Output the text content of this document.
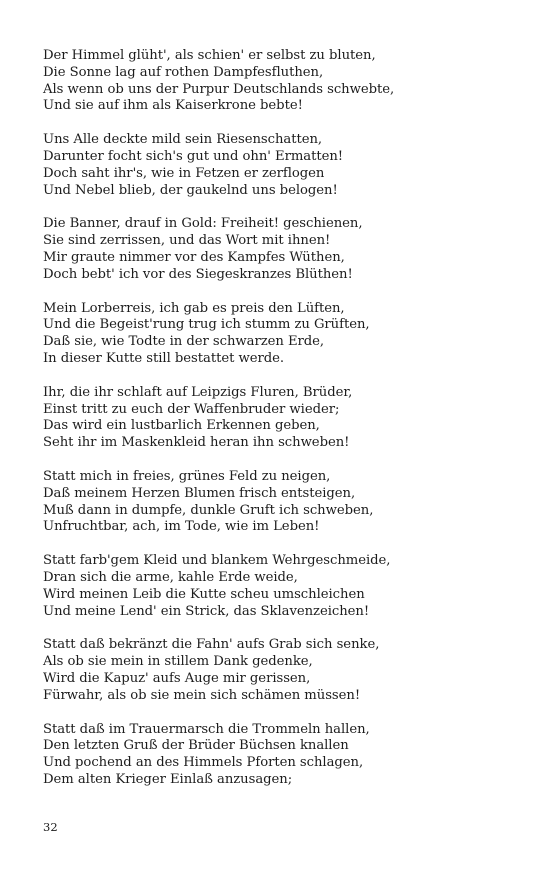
Der Himmel glüht', als schien' er selbst zu bluten,
Die Sonne lag auf rothen Dampfesfluthen,
Als wenn ob uns der Purpur Deutschlands schwebte,
Und sie auf ihm als Kaiserkrone bebte!
Uns Alle deckte mild sein Riesenschatten,
Darunter focht sich's gut und ohn' Ermatten!
Doch saht ihr's, wie in Fetzen er zerflogen
Und Nebel blieb, der gaukelnd uns belogen!
Die Banner, drauf in Gold: Freiheit! geschienen,
Sie sind zerrissen, und das Wort mit ihnen!
Mir graute nimmer vor des Kampfes Wüthen,
Doch bebt' ich vor des Siegeskranzes Blüthen!
Mein Lorberreis, ich gab es preis den Lüften,
Und die Begeist'rung trug ich stumm zu Grüften,
Daß sie, wie Todte in der schwarzen Erde,
In dieser Kutte still bestattet werde.
Ihr, die ihr schlaft auf Leipzigs Fluren, Brüder,
Einst tritt zu euch der Waffenbruder wieder;
Das wird ein lustbarlich Erkennen geben,
Seht ihr im Maskenkleid heran ihn schweben!
Statt mich in freies, grünes Feld zu neigen,
Daß meinem Herzen Blumen frisch entsteigen,
Muß dann in dumpfe, dunkle Gruft ich schweben,
Unfruchtbar, ach, im Tode, wie im Leben!
Statt farb'gem Kleid und blankem Wehrgeschmeide,
Dran sich die arme, kahle Erde weide,
Wird meinen Leib die Kutte scheu umschleichen
Und meine Lend' ein Strick, das Sklavenzeichen!
Statt daß bekränzt die Fahn' aufs Grab sich senke,
Als ob sie mein in stillem Dank gedenke,
Wird die Kapuz' aufs Auge mir gerissen,
Fürwahr, als ob sie mein sich schämen müssen!
Statt daß im Trauermarsch die Trommeln hallen,
Den letzten Gruß der Brüder Büchsen knallen
Und pochend an des Himmels Pforten schlagen,
Dem alten Krieger Einlaß anzusagen;
32
